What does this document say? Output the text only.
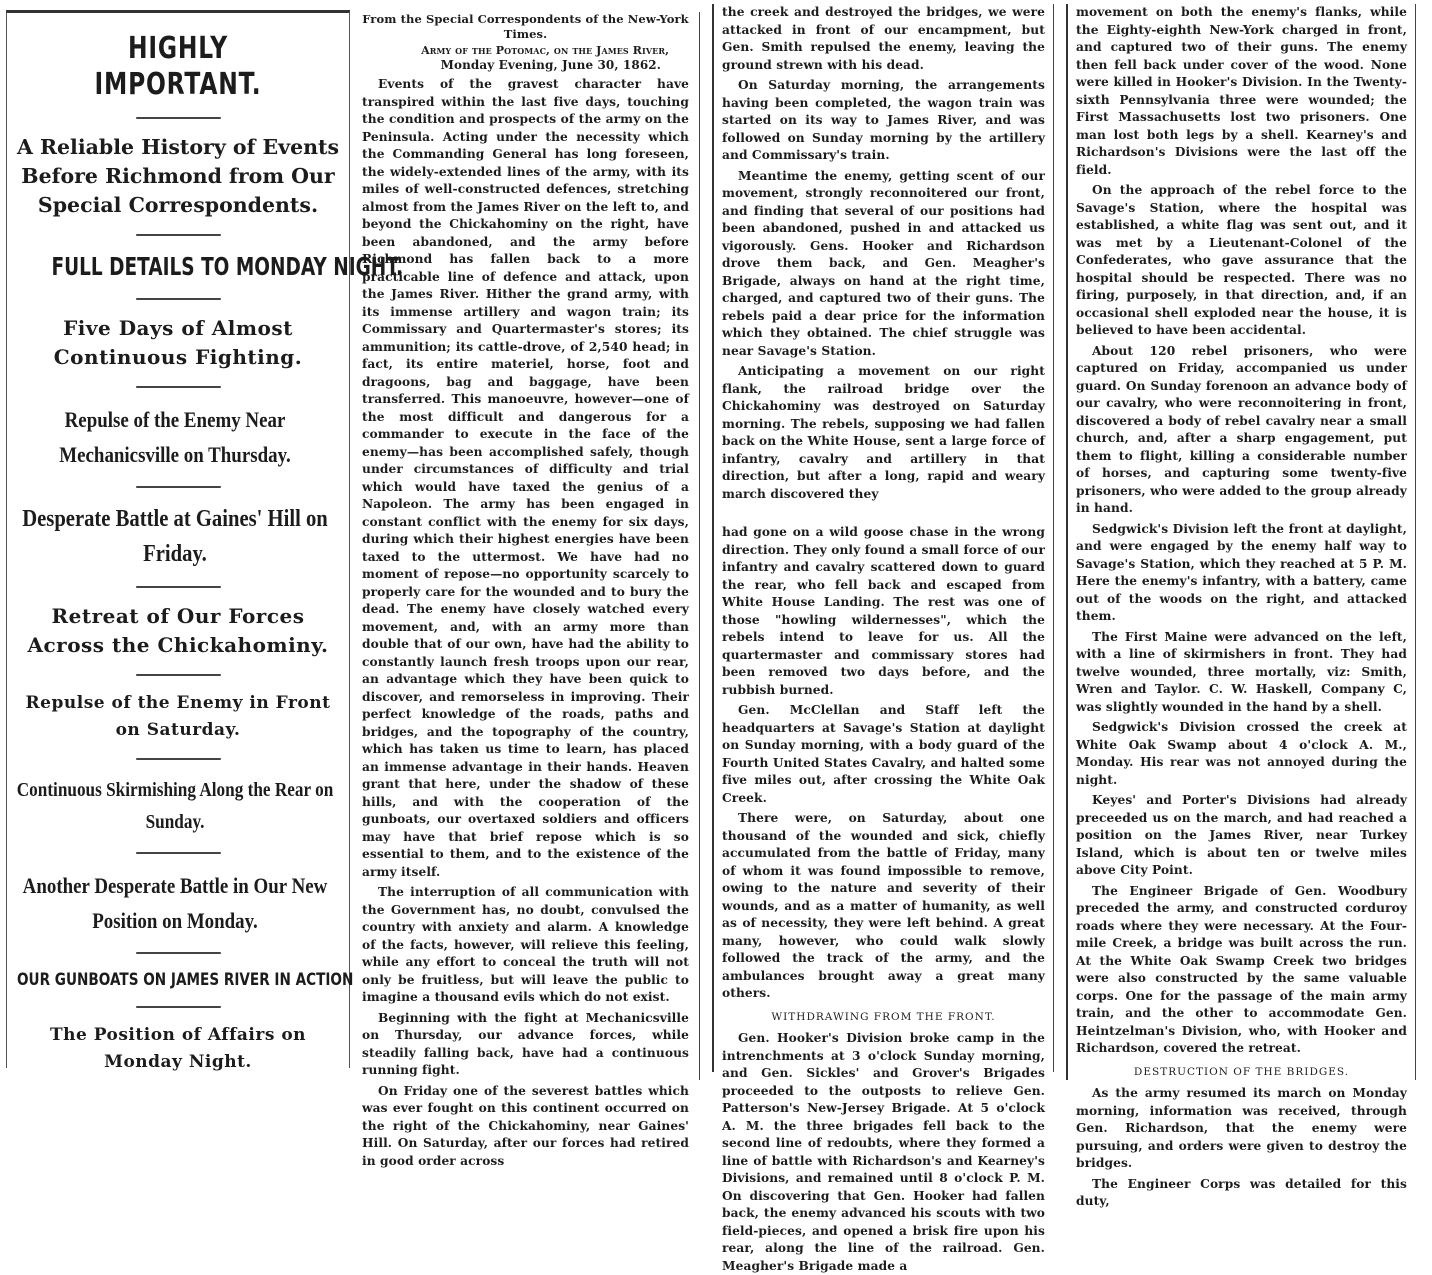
HIGHLY IMPORTANT.
A Reliable History of Events Before Richmond from Our Special Correspondents.
FULL DETAILS TO MONDAY NIGHT.
Five Days of Almost Continuous Fighting.
Repulse of the Enemy Near Mechanicsville on Thursday.
Desperate Battle at Gaines' Hill on Friday.
Retreat of Our Forces Across the Chickahominy.
Repulse of the Enemy in Front on Saturday.
Continuous Skirmishing Along the Rear on Sunday.
Another Desperate Battle in Our New Position on Monday.
OUR GUNBOATS ON JAMES RIVER IN ACTION
The Position of Affairs on Monday Night.
From the Special Correspondents of the New-York Times.
Army of the Potomac, on the James River,
Monday Evening, June 30, 1862.

Events of the gravest character have transpired within the last five days, touching the condition and prospects of the army on the Peninsula. Acting under the necessity which the Commanding General has long foreseen, the widely-extended lines of the army, with its miles of well-constructed defences, stretching almost from the James River on the left to, and beyond the Chickahominy on the right, have been abandoned, and the army before Richmond has fallen back to a more practicable line of defence and attack, upon the James River. Hither the grand army, with its immense artillery and wagon train; its Commissary and Quartermaster's stores; its ammunition; its cattle-drove, of 2,540 head; in fact, its entire materiel, horse, foot and dragoons, bag and baggage, have been transferred. This manoeuvre, however—one of the most difficult and dangerous for a commander to execute in the face of the enemy—has been accomplished safely, though under circumstances of difficulty and trial which would have taxed the genius of a Napoleon. The army has been engaged in constant conflict with the enemy for six days, during which their highest energies have been taxed to the uttermost. We have had no moment of repose—no opportunity scarcely to properly care for the wounded and to bury the dead. The enemy have closely watched every movement, and, with an army more than double that of our own, have had the ability to constantly launch fresh troops upon our rear, an advantage which they have been quick to discover, and remorseless in improving. Their perfect knowledge of the roads, paths and bridges, and the topography of the country, which has taken us time to learn, has placed an immense advantage in their hands. Heaven grant that here, under the shadow of these hills, and with the cooperation of the gunboats, our overtaxed soldiers and officers may have that brief repose which is so essential to them, and to the existence of the army itself.

The interruption of all communication with the Government has, no doubt, convulsed the country with anxiety and alarm. A knowledge of the facts, however, will relieve this feeling, while any effort to conceal the truth will not only be fruitless, but will leave the public to imagine a thousand evils which do not exist.

Beginning with the fight at Mechanicsville on Thursday, our advance forces, while steadily falling back, have had a continuous running fight.

On Friday one of the severest battles which was ever fought on this continent occurred on the right of the Chickahominy, near Gaines' Hill. On Saturday, after our forces had retired in good order across

the creek and destroyed the bridges, we were attacked in front of our encampment, but Gen. Smith repulsed the enemy, leaving the ground strewn with his dead.

On Saturday morning, the arrangements having been completed, the wagon train was started on its way to James River, and was followed on Sunday morning by the artillery and Commissary's train.

Meantime the enemy, getting scent of our movement, strongly reconnoitered our front, and finding that several of our positions had been abandoned, pushed in and attacked us vigorously. Gens. Hooker and Richardson drove them back, and Gen. Meagher's Brigade, always on hand at the right time, charged, and captured two of their guns. The rebels paid a dear price for the information which they obtained. The chief struggle was near Savage's Station.

Anticipating a movement on our right flank, the railroad bridge over the Chickahominy was destroyed on Saturday morning. The rebels, supposing we had fallen back on the White House, sent a large force of infantry, cavalry and artillery in that direction, but after a long, rapid and weary march discovered they

had gone on a wild goose chase in the wrong direction. They only found a small force of our infantry and cavalry scattered down to guard the rear, who fell back and escaped from White House Landing. The rest was one of those "howling wildernesses", which the rebels intend to leave for us. All the quartermaster and commissary stores had been removed two days before, and the rubbish burned.

Gen. McClellan and Staff left the headquarters at Savage's Station at daylight on Sunday morning, with a body guard of the Fourth United States Cavalry, and halted some five miles out, after crossing the White Oak Creek.

There were, on Saturday, about one thousand of the wounded and sick, chiefly accumulated from the battle of Friday, many of whom it was found impossible to remove, owing to the nature and severity of their wounds, and as a matter of humanity, as well as of necessity, they were left behind. A great many, however, who could walk slowly followed the track of the army, and the ambulances brought away a great many others.

WITHDRAWING FROM THE FRONT.

Gen. Hooker's Division broke camp in the intrenchments at 3 o'clock Sunday morning, and Gen. Sickles' and Grover's Brigades proceeded to the outposts to relieve Gen. Patterson's New-Jersey Brigade. At 5 o'clock A. M. the three brigades fell back to the second line of redoubts, where they formed a line of battle with Richardson's and Kearney's Divisions, and remained until 8 o'clock P. M. On discovering that Gen. Hooker had fallen back, the enemy advanced his scouts with two field-pieces, and opened a brisk fire upon his rear, along the line of the railroad. Gen. Meagher's Brigade made a

movement on both the enemy's flanks, while the Eighty-eighth New-York charged in front, and captured two of their guns. The enemy then fell back under cover of the wood. None were killed in Hooker's Division. In the Twenty-sixth Pennsylvania three were wounded; the First Massachusetts lost two prisoners. One man lost both legs by a shell. Kearney's and Richardson's Divisions were the last off the field.

On the approach of the rebel force to the Savage's Station, where the hospital was established, a white flag was sent out, and it was met by a Lieutenant-Colonel of the Confederates, who gave assurance that the hospital should be respected. There was no firing, purposely, in that direction, and, if an occasional shell exploded near the house, it is believed to have been accidental.

About 120 rebel prisoners, who were captured on Friday, accompanied us under guard. On Sunday forenoon an advance body of our cavalry, who were reconnoitering in front, discovered a body of rebel cavalry near a small church, and, after a sharp engagement, put them to flight, killing a considerable number of horses, and capturing some twenty-five prisoners, who were added to the group already in hand.

Sedgwick's Division left the front at daylight, and were engaged by the enemy half way to Savage's Station, which they reached at 5 P. M. Here the enemy's infantry, with a battery, came out of the woods on the right, and attacked them.

The First Maine were advanced on the left, with a line of skirmishers in front. They had twelve wounded, three mortally, viz: Smith, Wren and Taylor. C. W. Haskell, Company C, was slightly wounded in the hand by a shell.

Sedgwick's Division crossed the creek at White Oak Swamp about 4 o'clock A. M., Monday. His rear was not annoyed during the night.

Keyes' and Porter's Divisions had already preceeded us on the march, and had reached a position on the James River, near Turkey Island, which is about ten or twelve miles above City Point.

The Engineer Brigade of Gen. Woodbury preceded the army, and constructed corduroy roads where they were necessary. At the Four-mile Creek, a bridge was built across the run. At the White Oak Swamp Creek two bridges were also constructed by the same valuable corps. One for the passage of the main army train, and the other to accommodate Gen. Heintzelman's Division, who, with Hooker and Richardson, covered the retreat.

DESTRUCTION OF THE BRIDGES.

As the army resumed its march on Monday morning, information was received, through Gen. Richardson, that the enemy were pursuing, and orders were given to destroy the bridges.

The Engineer Corps was detailed for this duty,
